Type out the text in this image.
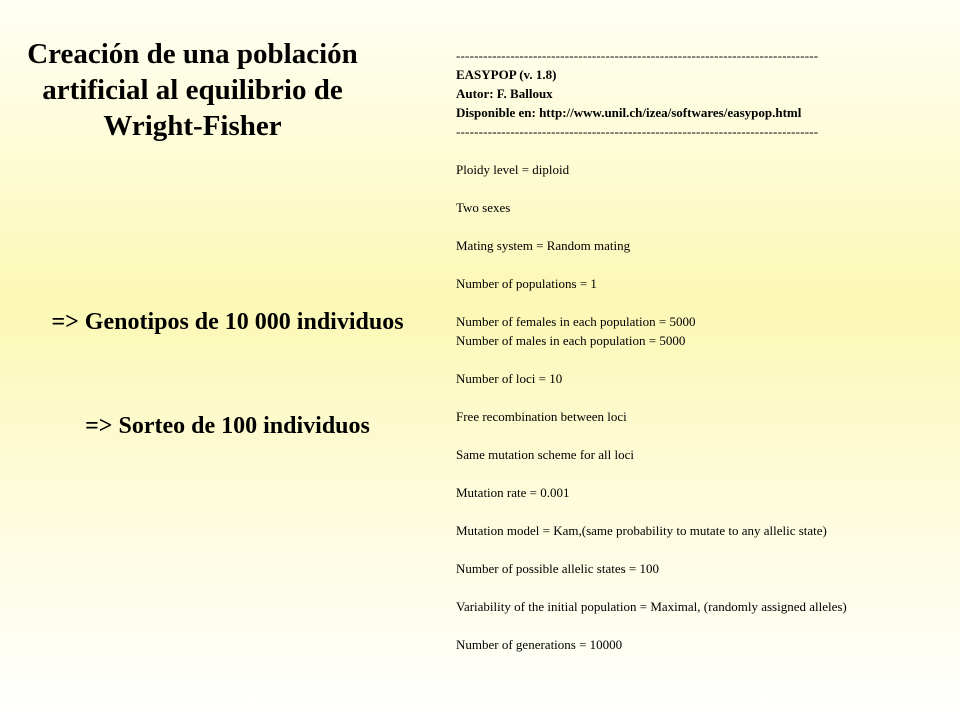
Creación de una población artificial al equilibrio de Wright-Fisher
=> Genotipos de 10 000 individuos
=> Sorteo de 100 individuos
--------------------------------------------------------------------------------
EASYPOP (v. 1.8)
Autor: F. Balloux
Disponible en: http://www.unil.ch/izea/softwares/easypop.html
--------------------------------------------------------------------------------
Ploidy level = diploid
Two sexes
Mating system = Random mating
Number of populations = 1
Number of females in each population = 5000
Number of males in each population = 5000
Number of loci = 10
Free recombination between loci
Same mutation scheme for all loci
Mutation rate = 0.001
Mutation model = Kam,(same probability to mutate to any allelic state)
Number of possible allelic states = 100
Variability of the initial population = Maximal, (randomly assigned alleles)
Number of generations = 10000
